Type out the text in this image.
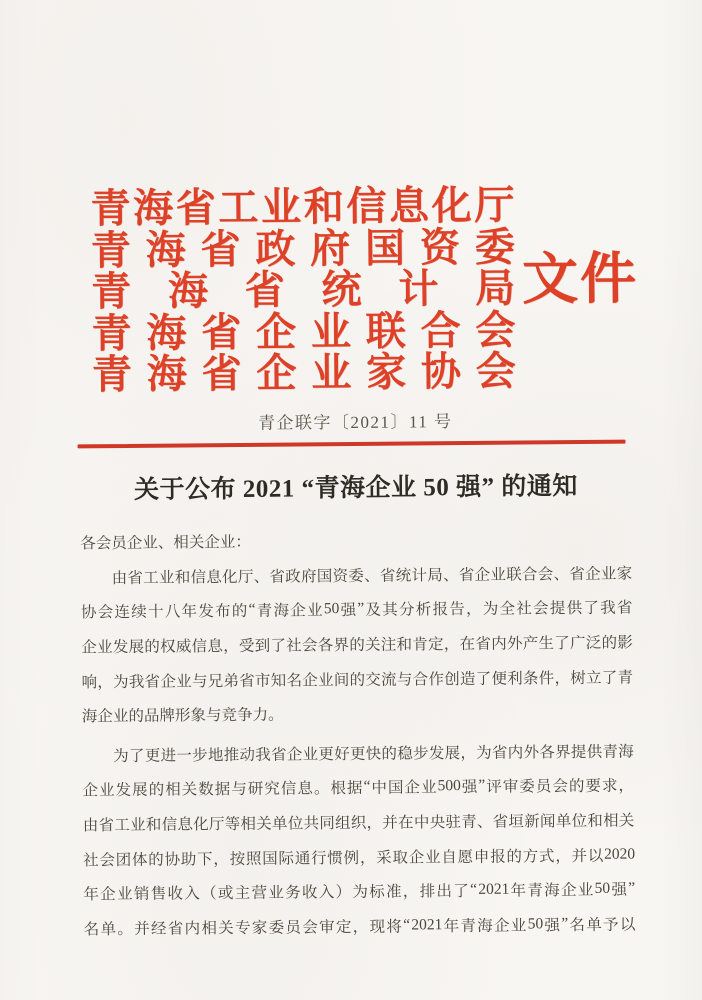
青 海 省 工 业 和 信 息 化 厅
青 海 省 政 府 国 资 委
青 海 省 统 计 局
青 海 省 企 业 联 合 会
青 海 省 企 业 家 协 会
文件
青企联字〔2021〕11 号
关于公布 2021 “青海企业 50 强” 的通知
各会员企业、相关企业：
由 省 工 业 和 信 息 化 厅 、 省 政 府 国 资 委 、 省 统 计 局 、 省 企 业 联 合 会 、 省 企 业 家
协 会 连 续 十 八 年 发 布 的 “ 青 海 企 业 50 强 ” 及 其 分 析 报 告 ， 为 全 社 会 提 供 了 我 省
企 业 发 展 的 权 威 信 息 ， 受 到 了 社 会 各 界 的 关 注 和 肯 定 ， 在 省 内 外 产 生 了 广 泛 的 影
响 ， 为 我 省 企 业 与 兄 弟 省 市 知 名 企 业 间 的 交 流 与 合 作 创 造 了 便 利 条 件 ， 树 立 了 青
海 企 业 的 品 牌 形 象 与 竞 争 力 。
为 了 更 进 一 步 地 推 动 我 省 企 业 更 好 更 快 的 稳 步 发 展 ， 为 省 内 外 各 界 提 供 青 海
企 业 发 展 的 相 关 数 据 与 研 究 信 息 。 根 据 “ 中 国 企 业 500 强 ” 评 审 委 员 会 的 要 求 ，
由 省 工 业 和 信 息 化 厅 等 相 关 单 位 共 同 组 织 ， 并 在 中 央 驻 青 、 省 垣 新 闻 单 位 和 相 关
社 会 团 体 的 协 助 下 ， 按 照 国 际 通 行 惯 例 ， 采 取 企 业 自 愿 申 报 的 方 式 ， 并 以 2020
年 企 业 销 售 收 入 （ 或 主 营 业 务 收 入 ） 为 标 准 ， 排 出 了 “ 2021 年 青 海 企 业 50 强 ”
名 单 。 并 经 省 内 相 关 专 家 委 员 会 审 定 ， 现 将 “ 2021 年 青 海 企 业 50 强 ” 名 单 予 以
